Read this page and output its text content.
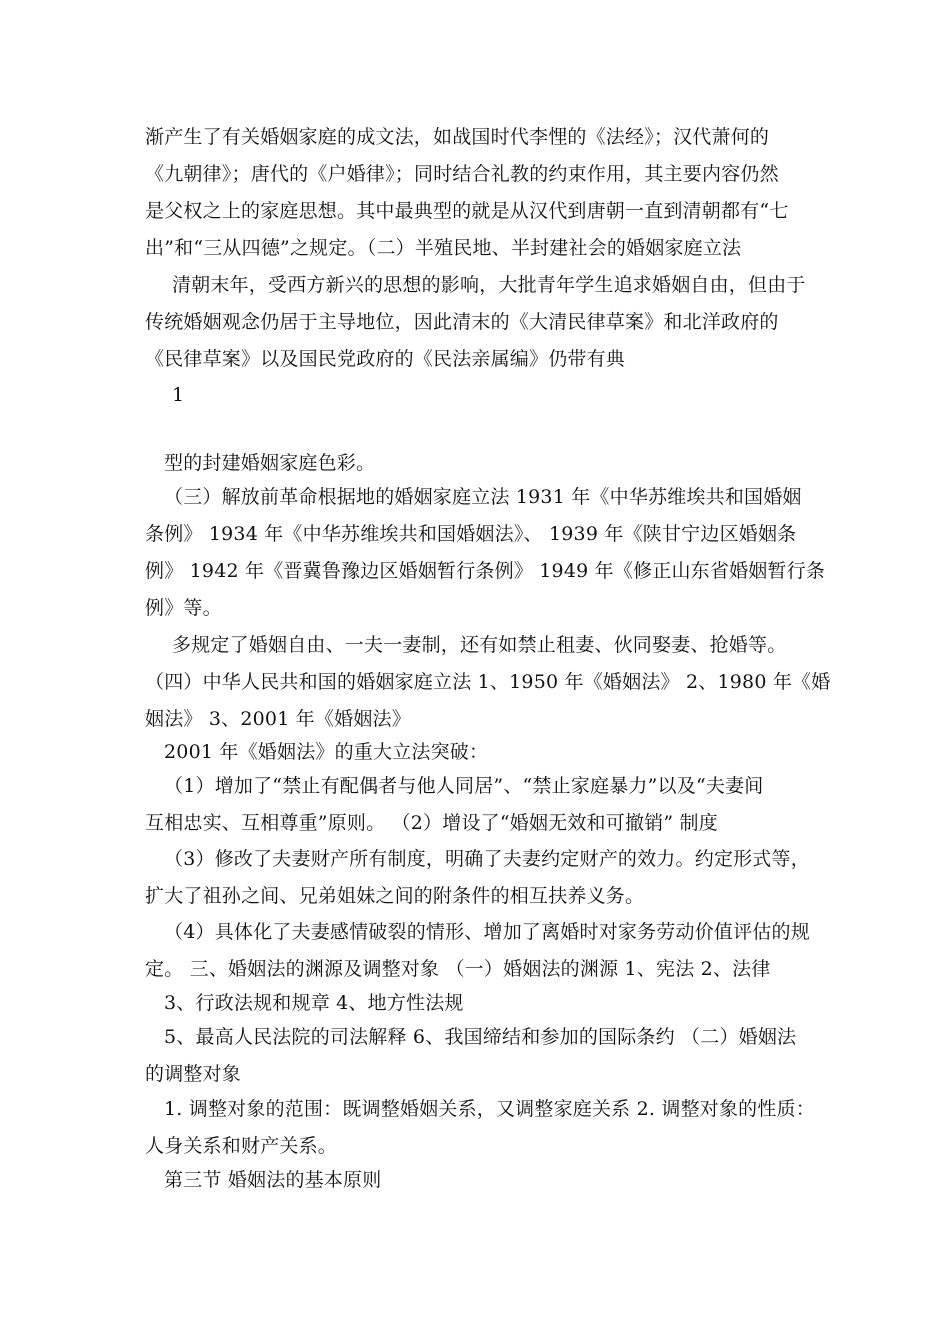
渐产生了有关婚姻家庭的成文法，如战国时代李悝的《法经》；汉代萧何的
《九朝律》；唐代的《户婚律》；同时结合礼教的约束作用，其主要内容仍然
是父权之上的家庭思想。其中最典型的就是从汉代到唐朝一直到清朝都有“七
出”和“三从四德”之规定。（二）半殖民地、半封建社会的婚姻家庭立法
清朝末年，受西方新兴的思想的影响，大批青年学生追求婚姻自由，但由于
传统婚姻观念仍居于主导地位，因此清末的《大清民律草案》和北洋政府的
《民律草案》以及国民党政府的《民法亲属编》仍带有典
1
型的封建婚姻家庭色彩。
（三）解放前革命根据地的婚姻家庭立法 1931 年《中华苏维埃共和国婚姻
条例》 1934 年《中华苏维埃共和国婚姻法》、 1939 年《陕甘宁边区婚姻条
例》 1942 年《晋冀鲁豫边区婚姻暂行条例》 1949 年《修正山东省婚姻暂行条
例》等。
多规定了婚姻自由、一夫一妻制，还有如禁止租妻、伙同娶妻、抢婚等。
（四）中华人民共和国的婚姻家庭立法 1、1950 年《婚姻法》 2、1980 年《婚
姻法》 3、2001 年《婚姻法》
2001 年《婚姻法》的重大立法突破：
（1）增加了“禁止有配偶者与他人同居”、“禁止家庭暴力”以及“夫妻间
互相忠实、互相尊重”原则。 （2）增设了“婚姻无效和可撤销” 制度
（3）修改了夫妻财产所有制度，明确了夫妻约定财产的效力。约定形式等，
扩大了祖孙之间、兄弟姐妹之间的附条件的相互扶养义务。
（4）具体化了夫妻感情破裂的情形、增加了离婚时对家务劳动价值评估的规
定。 三、婚姻法的渊源及调整对象 （一）婚姻法的渊源 1、宪法 2、法律
3、行政法规和规章 4、地方性法规
5、最高人民法院的司法解释 6、我国缔结和参加的国际条约 （二）婚姻法
的调整对象
1. 调整对象的范围：既调整婚姻关系，又调整家庭关系 2. 调整对象的性质：
人身关系和财产关系。
第三节 婚姻法的基本原则
